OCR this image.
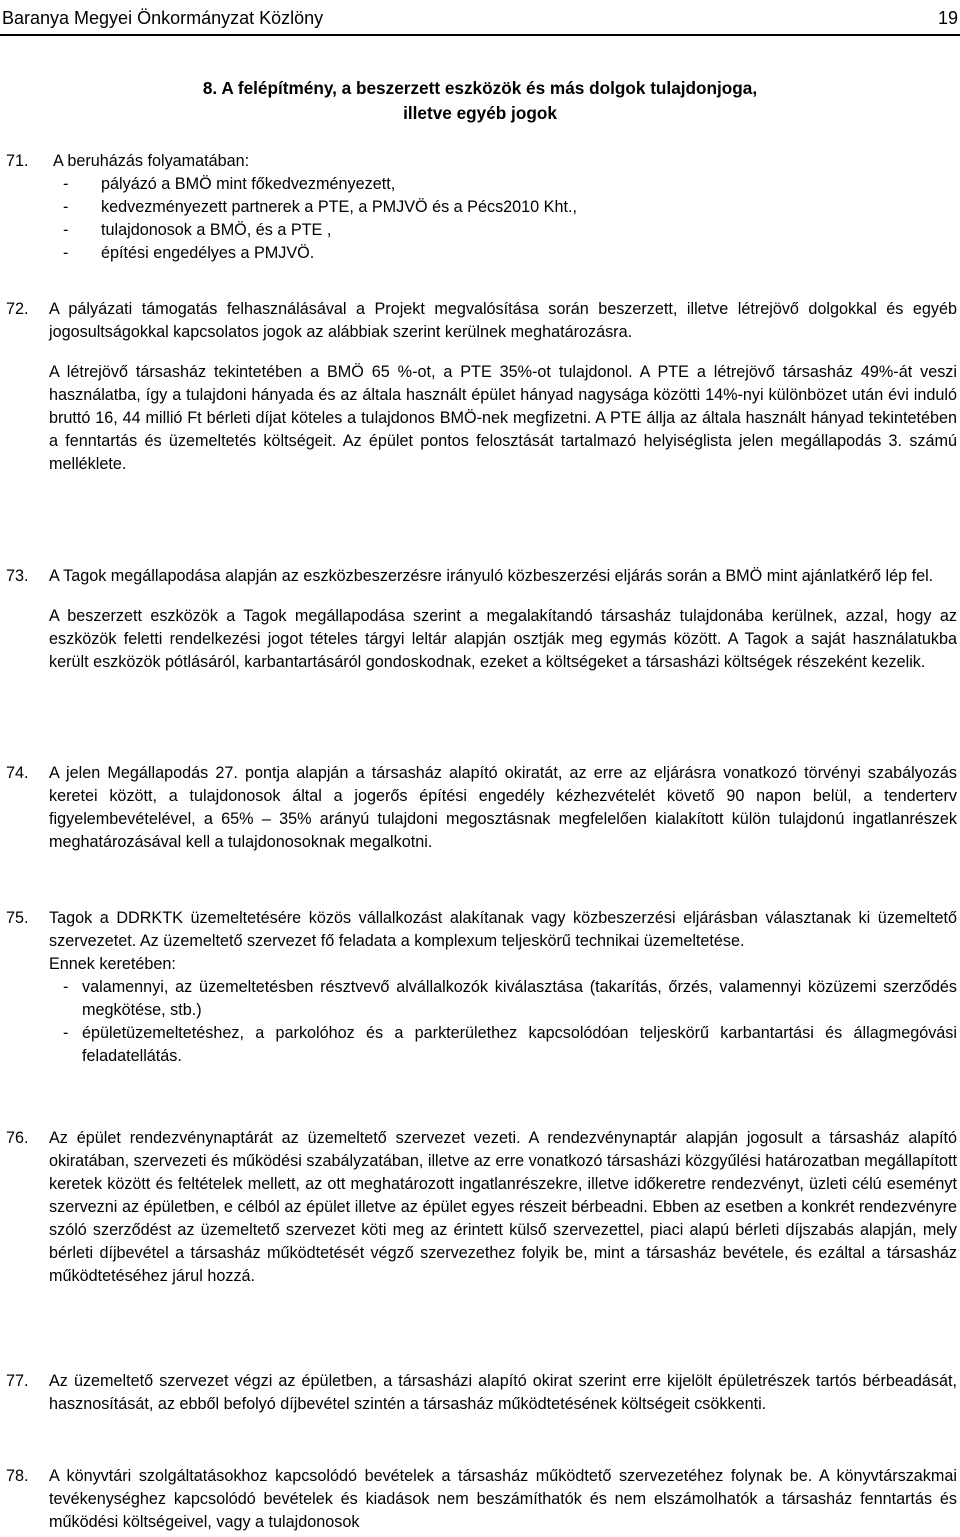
Baranya Megyei Önkormányzat Közlöny	19
8. A felépítmény, a beszerzett eszközök és más dolgok tulajdonjoga,
illetve egyéb jogok
71. A beruházás folyamatában:

- pályázó a BMÖ mint főkedvezményezett,
- kedvezményezett partnerek a PTE, a PMJVÖ és a Pécs2010 Kht.,
- tulajdonosok a BMÖ, és a PTE ,
- építési engedélyes a PMJVÖ.
72. A pályázati támogatás felhasználásával a Projekt megvalósítása során beszerzett, illetve létrejövő dolgokkal és egyéb jogosultságokkal kapcsolatos jogok az alábbiak szerint kerülnek meghatározásra.

A létrejövő társasház tekintetében a BMÖ 65 %-ot, a PTE 35%-ot tulajdonol. A PTE a létrejövő társasház 49%-át veszi használatba, így a tulajdoni hányada és az általa használt épület hányad nagysága közötti 14%-nyi különbözet után évi induló bruttó 16, 44 millió Ft bérleti díjat köteles a tulajdonos BMÖ-nek megfizetni. A PTE állja az általa használt hányad tekintetében a fenntartás és üzemeltetés költségeit. Az épület pontos felosztását tartalmazó helyiséglista jelen megállapodás 3. számú melléklete.

73. A Tagok megállapodása alapján az eszközbeszerzésre irányuló közbeszerzési eljárás során a BMÖ mint ajánlatkérő lép fel.

A beszerzett eszközök a Tagok megállapodása szerint a megalakítandó társasház tulajdonába kerülnek, azzal, hogy az eszközök feletti rendelkezési jogot tételes tárgyi leltár alapján osztják meg egymás között. A Tagok a saját használatukba került eszközök pótlásáról, karbantartásáról gondoskodnak, ezeket a költségeket a társasházi költségek részeként kezelik.

74. A jelen Megállapodás 27. pontja alapján a társasház alapító okiratát, az erre az eljárásra vonatkozó törvényi szabályozás keretei között, a tulajdonosok által a jogerős építési engedély kézhezvételét követő 90 napon belül, a tenderterv figyelembevételével, a 65% – 35% arányú tulajdoni megosztásnak megfelelően kialakított külön tulajdonú ingatlanrészek meghatározásával kell a tulajdonosoknak megalkotni.

75. Tagok a DDRKTK üzemeltetésére közös vállalkozást alakítanak vagy közbeszerzési eljárásban választanak ki üzemeltető szervezetet. Az üzemeltető szervezet fő feladata a komplexum teljeskörű technikai üzemeltetése.

Ennek keretében:

- valamennyi, az üzemeltetésben résztvevő alvállalkozók kiválasztása (takarítás, őrzés, valamennyi közüzemi szerződés megkötése, stb.)
- épületüzemeltetéshez, a parkolóhoz és a parkterülethez kapcsolódóan teljeskörű karbantartási és állagmegóvási feladatellátás.
76. Az épület rendezvénynaptárát az üzemeltető szervezet vezeti. A rendezvénynaptár alapján jogosult a társasház alapító okiratában, szervezeti és működési szabályzatában, illetve az erre vonatkozó társasházi közgyűlési határozatban megállapított keretek között és feltételek mellett, az ott meghatározott ingatlanrészekre, illetve időkeretre rendezvényt, üzleti célú eseményt szervezni az épületben, e célból az épület illetve az épület egyes részeit bérbeadni. Ebben az esetben a konkrét rendezvényre szóló szerződést az üzemeltető szervezet köti meg az érintett külső szervezettel, piaci alapú bérleti díjszabás alapján, mely bérleti díjbevétel a társasház működtetését végző szervezethez folyik be, mint a társasház bevétele, és ezáltal a társasház működtetéséhez járul hozzá.

77. Az üzemeltető szervezet végzi az épületben, a társasházi alapító okirat szerint erre kijelölt épületrészek tartós bérbeadását, hasznosítását, az ebből befolyó díjbevétel szintén a társasház működtetésének költségeit csökkenti.

78. A könyvtári szolgáltatásokhoz kapcsolódó bevételek a társasház működtető szervezetéhez folynak be. A könyvtárszakmai tevékenységhez kapcsolódó bevételek és kiadások nem beszámíthatók és nem elszámolhatók a társasház fenntartás és működési költségeivel, vagy a tulajdonosok
